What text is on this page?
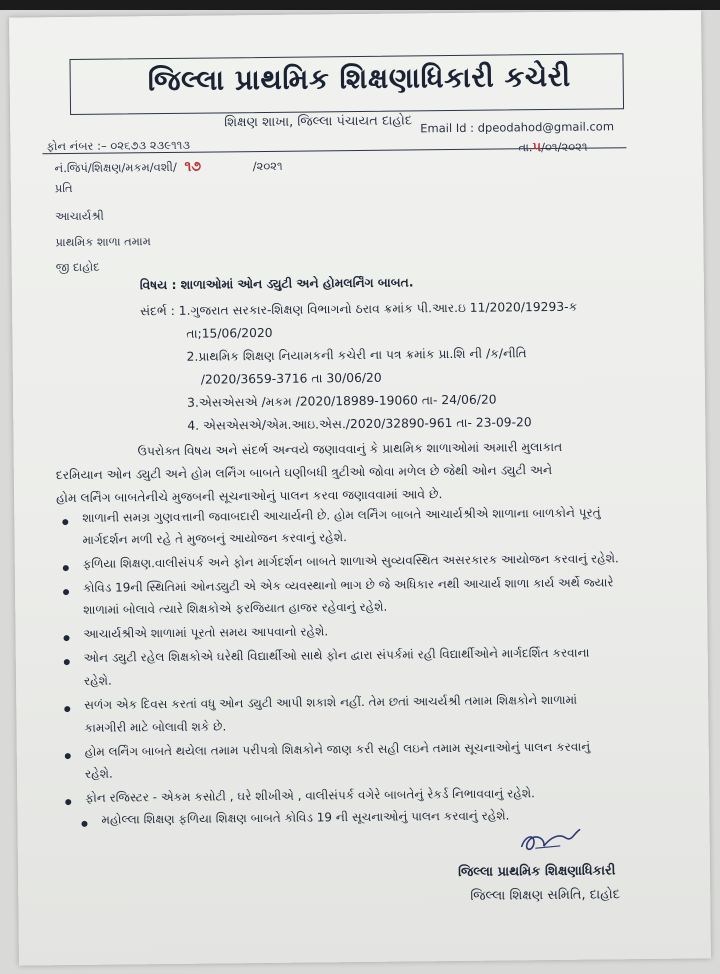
જિલ્લા પ્રાથમિક શિક્ષણાધિકારી કચેરી
શિક્ષણ શાખા, જિલ્લા પંચાયત દાહોદ
ફોન નંબર :– ૦૨૬૭૩ ૨૩૯૧૧૩
Email Id : dpeodahod@gmail.com
નં.જિપં/શિક્ષણ/મકમ/વશી/ ૧૭	/૨૦૨૧
તા.૫/૦૧/૨૦૨૧
પ્રતિ
આચાર્યશ્રી
પ્રાથમિક શાળા તમામ
જી દાહોદ
વિષય : શાળાઓમાં ઓન ડ્યુટી અને હોમલર્નિંગ બાબત.
સંદર્ભ : 1.ગુજરાત સરકાર-શિક્ષણ વિભાગનો ઠરાવ ક્રમાંક પી.આર.ઇ 11/2020/19293-ક
તા;15/06/2020
2.પ્રાથમિક શિક્ષણ નિયામકની કચેરી ના પત્ર ક્રમાંક પ્રા.શિ ની /ક/નીતિ
/2020/3659-3716 તા 30/06/20
3.એસએસએ /મકમ /2020/18989-19060 તા- 24/06/20
4. એસએસએ/એમ.આઇ.એસ./2020/32890-961 તા- 23-09-20
ઉપરોક્ત વિષય અને સંદર્ભ અન્વયે જણાવવાનું કે પ્રાથમિક શાળાઓમાં અમારી મુલાકાત
દરમિયાન ઓન ડ્યુટી અને હોમ લર્નિંગ બાબતે ઘણીબધી ત્રુટીઓ જોવા મળેલ છે જેથી ઓન ડ્યુટી અને
હોમ લર્નિંગ બાબતેનીચે મુજબની સૂચનાઓનું પાલન કરવા જણાવવામાં આવે છે.
શાળાની સમગ્ર ગુણવત્તાની જવાબદારી આચાર્યની છે. હોમ લર્નિંગ બાબતે આચાર્યશ્રીએ શાળાના બાળકોને પૂરતું
માર્ગદર્શન મળી રહે તે મુજબનું આયોજન કરવાનું રહેશે.
ફળિયા શિક્ષણ.વાલીસંપર્ક અને ફોન માર્ગદર્શન બાબતે શાળાએ સુવ્યવસ્થિત અસરકારક આયોજન કરવાનું રહેશે.
કોવિડ 19ની સ્થિતિમાં ઓનડ્યુટી એ એક વ્યવસ્થાનો ભાગ છે જે અધિકાર નથી આચાર્ય શાળા કાર્ય અર્થે જ્યારે
શાળામાં બોલાવે ત્યારે શિક્ષકોએ ફરજિયાત હાજર રહેવાનું રહેશે.
આચાર્યશ્રીએ શાળામાં પૂરતો સમય આપવાનો રહેશે.
ઓન ડ્યુટી રહેલ શિક્ષકોએ ઘરેથી વિદ્યાર્થીઓ સાથે ફોન દ્વારા સંપર્કમાં રહી વિદ્યાર્થીઓને માર્ગદર્શિત કરવાના
રહેશે.
સળંગ એક દિવસ કરતાં વધુ ઓન ડ્યુટી આપી શકાશે નહીં. તેમ છતાં આચર્યશ્રી તમામ શિક્ષકોને શાળામાં
કામગીરી માટે બોલાવી શકે છે.
હોમ લર્નિંગ બાબતે થયેલા તમામ પરીપત્રો શિક્ષકોને જાણ કરી સહી લઇને તમામ સૂચનાઓનું પાલન કરવાનું
રહેશે.
ફોન રજિસ્ટર - એકમ કસોટી , ઘરે શીખીએ , વાલીસંપર્ક વગેરે બાબતેનું રેકર્ડ નિભાવવાનું રહેશે.
મહોલ્લા શિક્ષણ ફળિયા શિક્ષણ બાબતે કોવિડ 19 ની સૂચનાઓનું પાલન કરવાનું રહેશે.
જિલ્લા પ્રાથમિક શિક્ષણાધિકારી
જિલ્લા શિક્ષણ સમિતિ, દાહોદ
